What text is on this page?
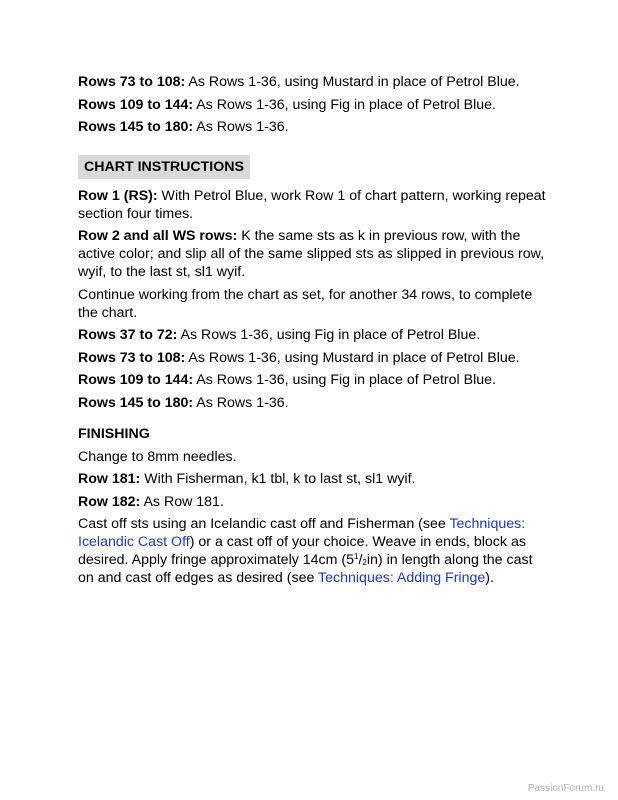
Rows 73 to 108: As Rows 1-36, using Mustard in place of Petrol Blue.

Rows 109 to 144: As Rows 1-36, using Fig in place of Petrol Blue.

Rows 145 to 180: As Rows 1-36.

CHART INSTRUCTIONS

Row 1 (RS): With Petrol Blue, work Row 1 of chart pattern, working repeat section four times.

Row 2 and all WS rows: K the same sts as k in previous row, with the active color; and slip all of the same slipped sts as slipped in previous row, wyif, to the last st, sl1 wyif.

Continue working from the chart as set, for another 34 rows, to complete the chart.

Rows 37 to 72: As Rows 1-36, using Fig in place of Petrol Blue.

Rows 73 to 108: As Rows 1-36, using Mustard in place of Petrol Blue.

Rows 109 to 144: As Rows 1-36, using Fig in place of Petrol Blue.

Rows 145 to 180: As Rows 1-36.

FINISHING

Change to 8mm needles.

Row 181: With Fisherman, k1 tbl, k to last st, sl1 wyif.

Row 182: As Row 181.

Cast off sts using an Icelandic cast off and Fisherman (see Techniques: Icelandic Cast Off) or a cast off of your choice. Weave in ends, block as desired. Apply fringe approximately 14cm $(5^1/_2in)$ in length along the cast on and cast off edges as desired (see Techniques: Adding Fringe).

PassionForum.ru
